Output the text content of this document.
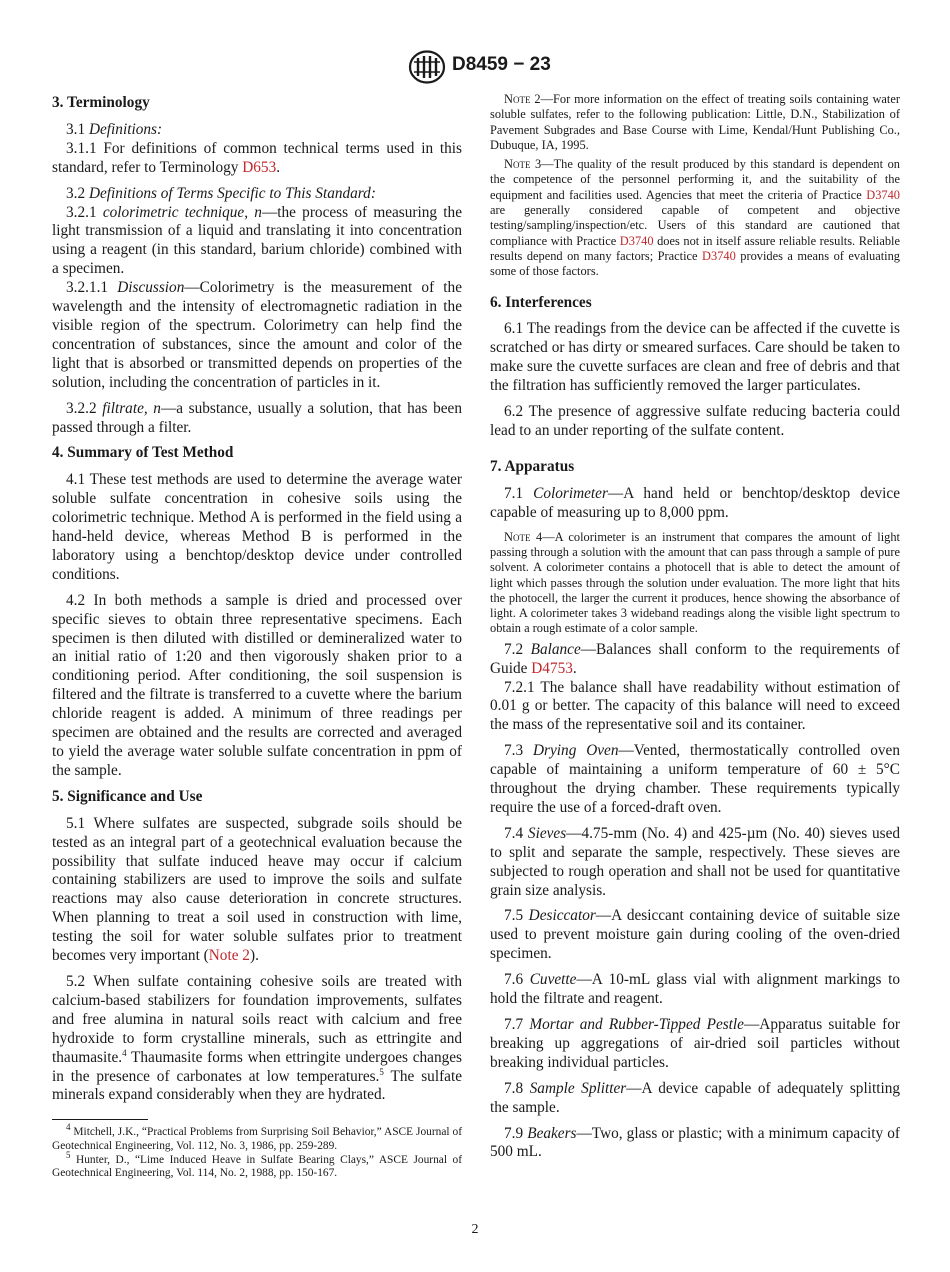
D8459 − 23
3. Terminology
3.1 Definitions:
3.1.1 For definitions of common technical terms used in this standard, refer to Terminology D653.
3.2 Definitions of Terms Specific to This Standard:
3.2.1 colorimetric technique, n—the process of measuring the light transmission of a liquid and translating it into concentration using a reagent (in this standard, barium chloride) combined with a specimen.
3.2.1.1 Discussion—Colorimetry is the measurement of the wavelength and the intensity of electromagnetic radiation in the visible region of the spectrum. Colorimetry can help find the concentration of substances, since the amount and color of the light that is absorbed or transmitted depends on properties of the solution, including the concentration of particles in it.
3.2.2 filtrate, n—a substance, usually a solution, that has been passed through a filter.
4. Summary of Test Method
4.1 These test methods are used to determine the average water soluble sulfate concentration in cohesive soils using the colorimetric technique. Method A is performed in the field using a hand-held device, whereas Method B is performed in the laboratory using a benchtop/desktop device under controlled conditions.
4.2 In both methods a sample is dried and processed over specific sieves to obtain three representative specimens. Each specimen is then diluted with distilled or demineralized water to an initial ratio of 1:20 and then vigorously shaken prior to a conditioning period. After conditioning, the soil suspension is filtered and the filtrate is transferred to a cuvette where the barium chloride reagent is added. A minimum of three readings per specimen are obtained and the results are corrected and averaged to yield the average water soluble sulfate concentration in ppm of the sample.
5. Significance and Use
5.1 Where sulfates are suspected, subgrade soils should be tested as an integral part of a geotechnical evaluation because the possibility that sulfate induced heave may occur if calcium containing stabilizers are used to improve the soils and sulfate reactions may also cause deterioration in concrete structures. When planning to treat a soil used in construction with lime, testing the soil for water soluble sulfates prior to treatment becomes very important (Note 2).
5.2 When sulfate containing cohesive soils are treated with calcium-based stabilizers for foundation improvements, sulfates and free alumina in natural soils react with calcium and free hydroxide to form crystalline minerals, such as ettringite and thaumasite.$^4$ Thaumasite forms when ettringite undergoes changes in the presence of carbonates at low temperatures.$^5$ The sulfate minerals expand considerably when they are hydrated.
$^4$ Mitchell, J.K., “Practical Problems from Surprising Soil Behavior,” ASCE Journal of Geotechnical Engineering, Vol. 112, No. 3, 1986, pp. 259-289.
$^5$ Hunter, D., “Lime Induced Heave in Sulfate Bearing Clays,” ASCE Journal of Geotechnical Engineering, Vol. 114, No. 2, 1988, pp. 150-167.
Note 2—For more information on the effect of treating soils containing water soluble sulfates, refer to the following publication: Little, D.N., Stabilization of Pavement Subgrades and Base Course with Lime, Kendal/Hunt Publishing Co., Dubuque, IA, 1995.
Note 3—The quality of the result produced by this standard is dependent on the competence of the personnel performing it, and the suitability of the equipment and facilities used. Agencies that meet the criteria of Practice D3740 are generally considered capable of competent and objective testing/sampling/inspection/etc. Users of this standard are cautioned that compliance with Practice D3740 does not in itself assure reliable results. Reliable results depend on many factors; Practice D3740 provides a means of evaluating some of those factors.
6. Interferences
6.1 The readings from the device can be affected if the cuvette is scratched or has dirty or smeared surfaces. Care should be taken to make sure the cuvette surfaces are clean and free of debris and that the filtration has sufficiently removed the larger particulates.
6.2 The presence of aggressive sulfate reducing bacteria could lead to an under reporting of the sulfate content.
7. Apparatus
7.1 Colorimeter—A hand held or benchtop/desktop device capable of measuring up to 8,000 ppm.
Note 4—A colorimeter is an instrument that compares the amount of light passing through a solution with the amount that can pass through a sample of pure solvent. A colorimeter contains a photocell that is able to detect the amount of light which passes through the solution under evaluation. The more light that hits the photocell, the larger the current it produces, hence showing the absorbance of light. A colorimeter takes 3 wideband readings along the visible light spectrum to obtain a rough estimate of a color sample.
7.2 Balance—Balances shall conform to the requirements of Guide D4753.
7.2.1 The balance shall have readability without estimation of 0.01 g or better. The capacity of this balance will need to exceed the mass of the representative soil and its container.
7.3 Drying Oven—Vented, thermostatically controlled oven capable of maintaining a uniform temperature of 60 ± 5°C throughout the drying chamber. These requirements typically require the use of a forced-draft oven.
7.4 Sieves—4.75-mm (No. 4) and 425-µm (No. 40) sieves used to split and separate the sample, respectively. These sieves are subjected to rough operation and shall not be used for quantitative grain size analysis.
7.5 Desiccator—A desiccant containing device of suitable size used to prevent moisture gain during cooling of the oven-dried specimen.
7.6 Cuvette—A 10-mL glass vial with alignment markings to hold the filtrate and reagent.
7.7 Mortar and Rubber-Tipped Pestle—Apparatus suitable for breaking up aggregations of air-dried soil particles without breaking individual particles.
7.8 Sample Splitter—A device capable of adequately splitting the sample.
7.9 Beakers—Two, glass or plastic; with a minimum capacity of 500 mL.
2
